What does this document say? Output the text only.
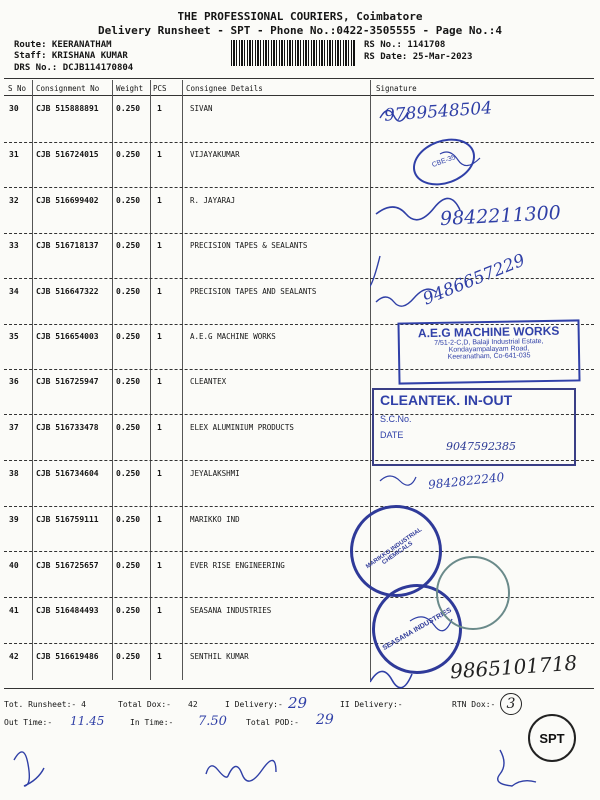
THE PROFESSIONAL COURIERS, Coimbatore
Delivery Runsheet - SPT - Phone No.:0422-3505555 - Page No.:4
Route: KEERANATHAM
Staff: KRISHANA KUMAR
DRS No.: DCJB114170804
RS No.: 1141708
RS Date: 25-Mar-2023
S No Consignment No Weight PCS	Consignee Details	Signature
30 CJB 515888891 0.250 1	SIVAN
31 CJB 516724015 0.250 1	VIJAYAKUMAR
32 CJB 516699402 0.250 1	R. JAYARAJ
33 CJB 516718137 0.250 1	PRECISION TAPES & SEALANTS
34 CJB 516647322 0.250 1	PRECISION TAPES AND SEALANTS
35 CJB 516654003 0.250 1	A.E.G MACHINE WORKS
36 CJB 516725947 0.250 1	CLEANTEX
37 CJB 516733478 0.250 1	ELEX ALUMINIUM PRODUCTS
38 CJB 516734604 0.250 1	JEYALAKSHMI
39 CJB 516759111 0.250 1	MARIKKO IND
40 CJB 516725657 0.250 1	EVER RISE ENGINEERING
41 CJB 516484493 0.250 1	SEASANA INDUSTRIES
42 CJB 516619486 0.250 1	SENTHIL KUMAR
9789548504
9842211300
9486657229
9047592385
9842822240
9865101718
A.E.G MACHINE WORKS
7/51-2-C,D, Balaji Industrial Estate,
Kondayampalayam Road,
Keeranatham, Co-641-035
CLEANTEK. IN-OUT
S.C.No.
DATE
CBE-35
MARIKKO INDUSTRIAL CHEMICALS
SEASANA INDUSTRIES
SPT
Tot. Runsheet:- 4	Total Dox:- 42	I Delivery:- 29	II Delivery:-	RTN Dox:- 3
Out Time:- 11.45	In Time:- 7.50 Total POD:- 29
